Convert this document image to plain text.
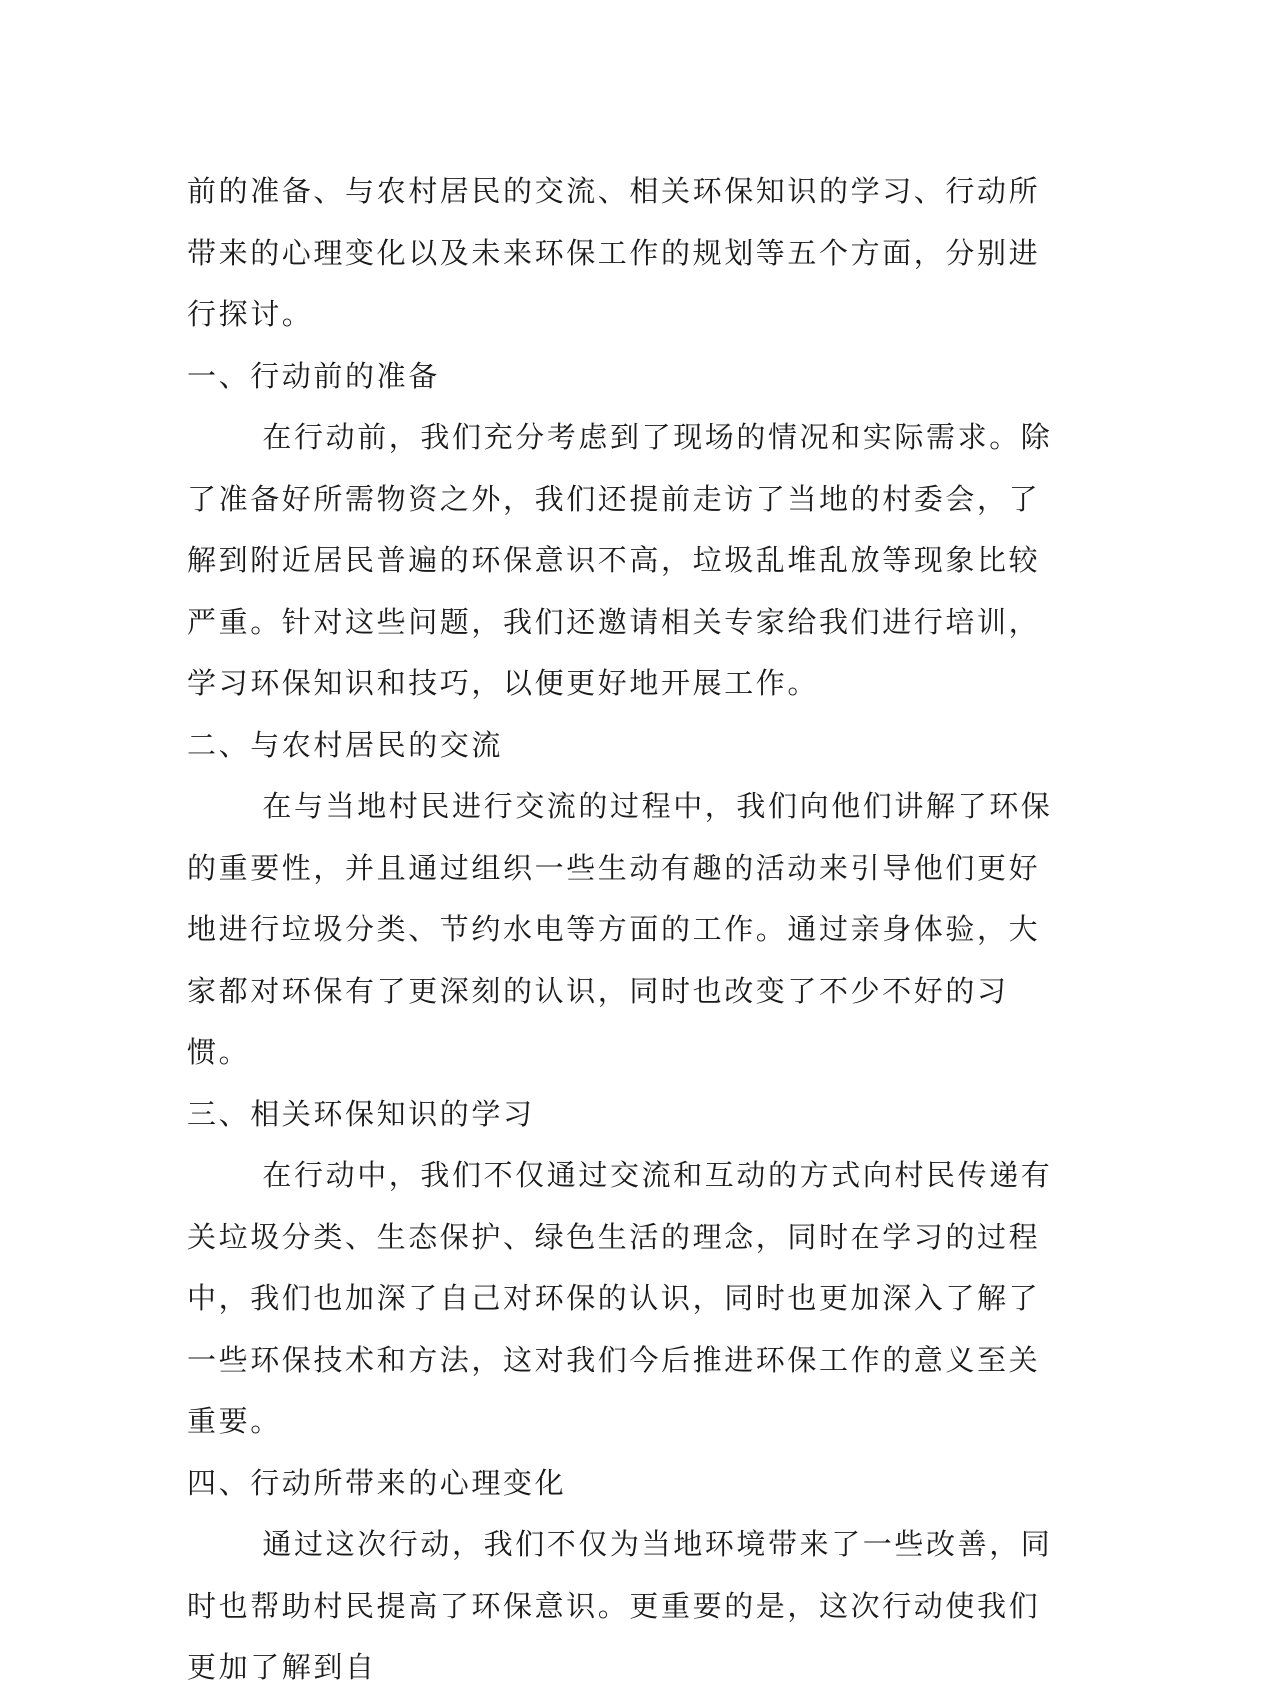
前的准备、与农村居民的交流、相关环保知识的学习、行动所带来的心理变化以及未来环保工作的规划等五个方面，分别进行探讨。

一、行动前的准备

在行动前，我们充分考虑到了现场的情况和实际需求。除了准备好所需物资之外，我们还提前走访了当地的村委会，了解到附近居民普遍的环保意识不高，垃圾乱堆乱放等现象比较严重。针对这些问题，我们还邀请相关专家给我们进行培训，学习环保知识和技巧，以便更好地开展工作。

二、与农村居民的交流

在与当地村民进行交流的过程中，我们向他们讲解了环保的重要性，并且通过组织一些生动有趣的活动来引导他们更好地进行垃圾分类、节约水电等方面的工作。通过亲身体验，大家都对环保有了更深刻的认识，同时也改变了不少不好的习惯。

三、相关环保知识的学习

在行动中，我们不仅通过交流和互动的方式向村民传递有关垃圾分类、生态保护、绿色生活的理念，同时在学习的过程中，我们也加深了自己对环保的认识，同时也更加深入了解了一些环保技术和方法，这对我们今后推进环保工作的意义至关重要。

四、行动所带来的心理变化

通过这次行动，我们不仅为当地环境带来了一些改善，同时也帮助村民提高了环保意识。更重要的是，这次行动使我们更加了解到自
